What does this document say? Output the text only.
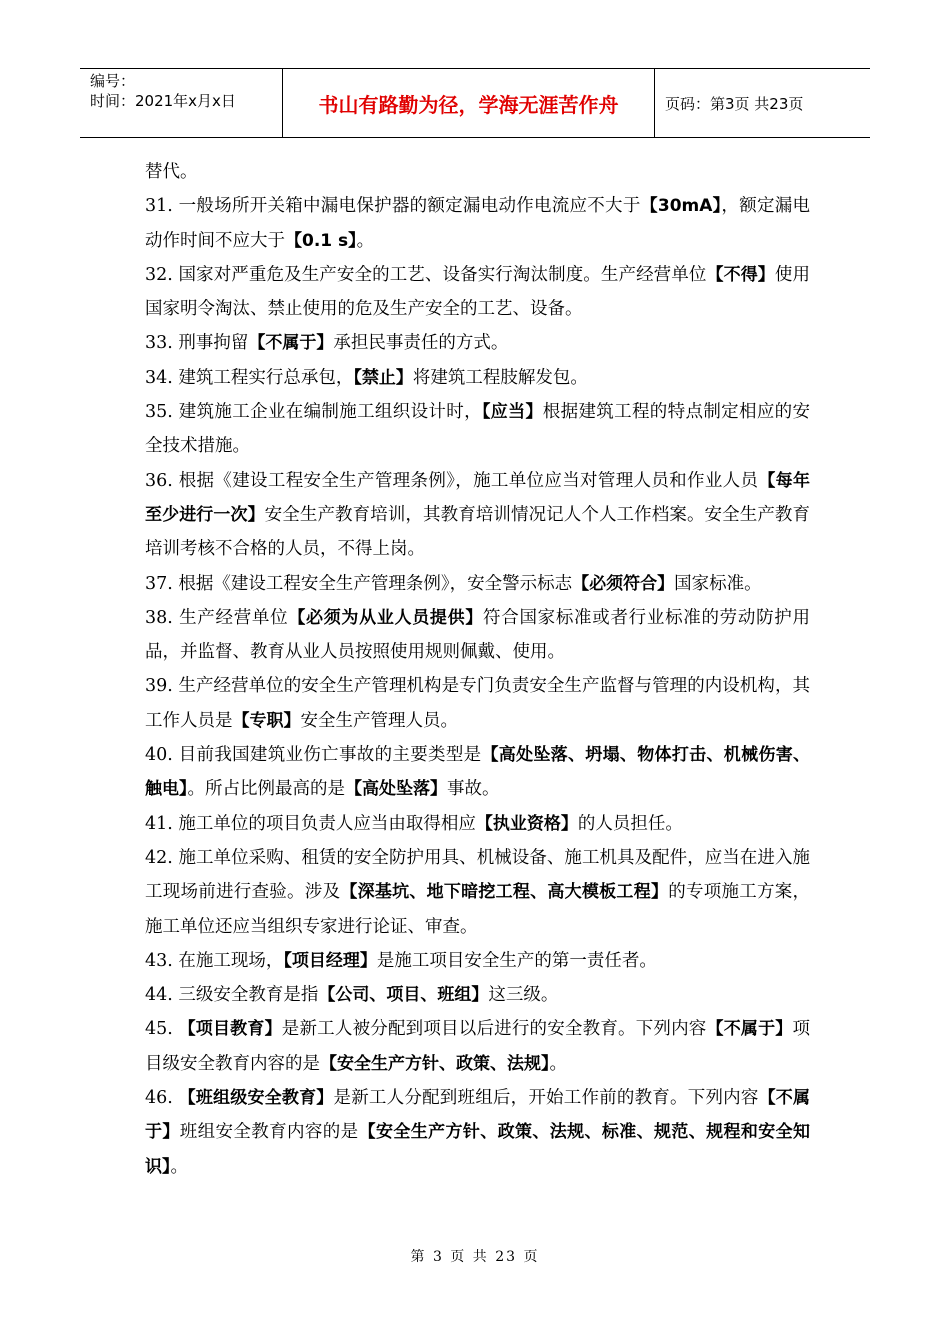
编号：
时间：2021年x月x日	书山有路勤为径，学海无涯苦作舟	页码：第3页 共23页

替代。

31. 一般场所开关箱中漏电保护器的额定漏电动作电流应不大于【30mA】，额定漏电动作时间不应大于【0.1 s】。

32. 国家对严重危及生产安全的工艺、设备实行淘汰制度。生产经营单位【不得】使用国家明令淘汰、禁止使用的危及生产安全的工艺、设备。

33. 刑事拘留【不属于】承担民事责任的方式。

34. 建筑工程实行总承包，【禁止】将建筑工程肢解发包。

35. 建筑施工企业在编制施工组织设计时，【应当】根据建筑工程的特点制定相应的安全技术措施。

36. 根据《建设工程安全生产管理条例》，施工单位应当对管理人员和作业人员【每年至少进行一次】安全生产教育培训，其教育培训情况记人个人工作档案。安全生产教育培训考核不合格的人员，不得上岗。

37. 根据《建设工程安全生产管理条例》，安全警示标志【必须符合】国家标准。

38. 生产经营单位【必须为从业人员提供】符合国家标准或者行业标准的劳动防护用品，并监督、教育从业人员按照使用规则佩戴、使用。

39. 生产经营单位的安全生产管理机构是专门负责安全生产监督与管理的内设机构，其工作人员是【专职】安全生产管理人员。

40. 目前我国建筑业伤亡事故的主要类型是【高处坠落、坍塌、物体打击、机械伤害、触电】。所占比例最高的是【高处坠落】事故。

41. 施工单位的项目负责人应当由取得相应【执业资格】的人员担任。

42. 施工单位采购、租赁的安全防护用具、机械设备、施工机具及配件，应当在进入施工现场前进行查验。涉及【深基坑、地下暗挖工程、高大模板工程】的专项施工方案，施工单位还应当组织专家进行论证、审查。

43. 在施工现场，【项目经理】是施工项目安全生产的第一责任者。

44. 三级安全教育是指【公司、项目、班组】这三级。

45. 【项目教育】是新工人被分配到项目以后进行的安全教育。下列内容【不属于】项目级安全教育内容的是【安全生产方针、政策、法规】。

46. 【班组级安全教育】是新工人分配到班组后，开始工作前的教育。下列内容【不属于】班组安全教育内容的是【安全生产方针、政策、法规、标准、规范、规程和安全知识】。

第 3 页 共 23 页
